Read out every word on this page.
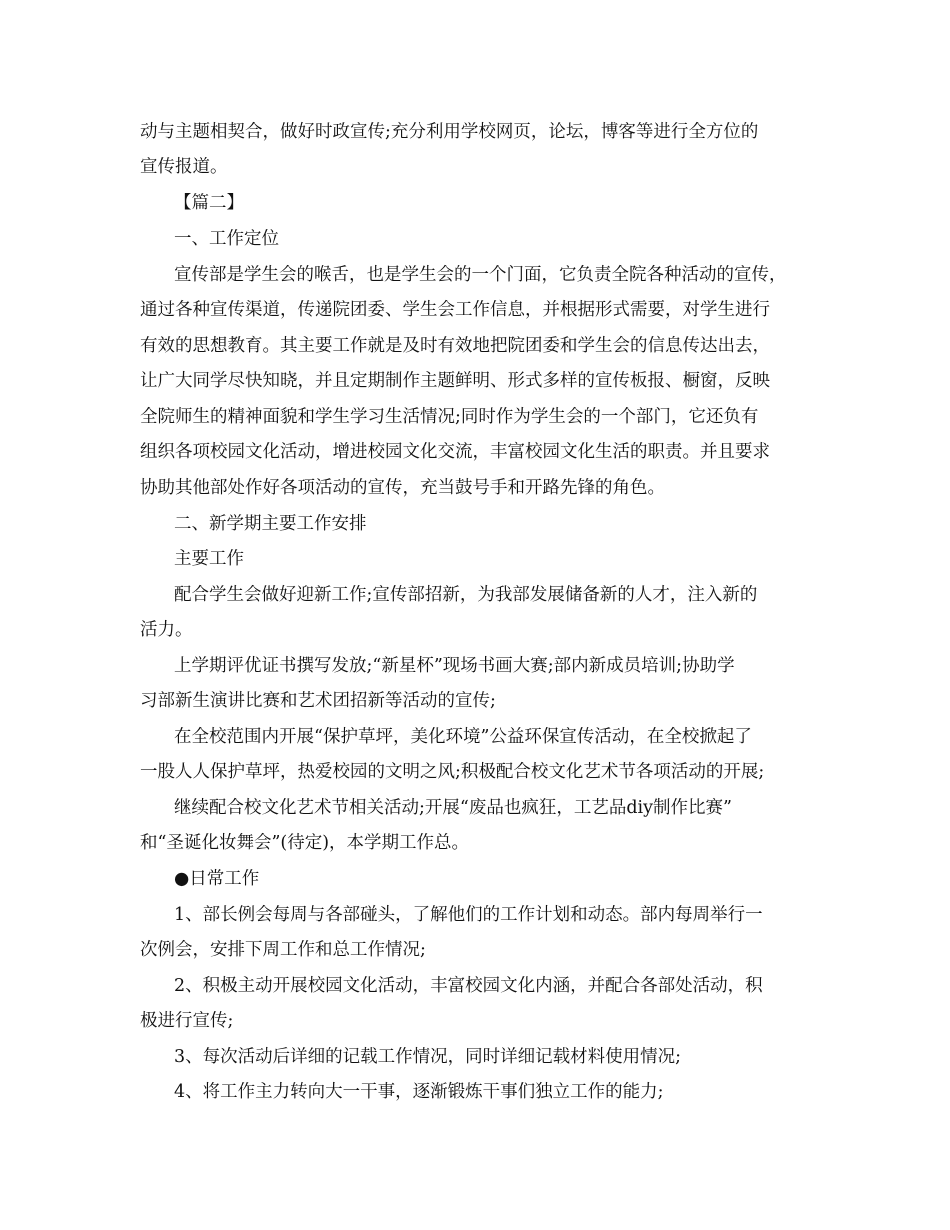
动与主题相契合，做好时政宣传;充分利用学校网页，论坛，博客等进行全方位的
宣传报道。
【篇二】
一、工作定位
宣传部是学生会的喉舌，也是学生会的一个门面，它负责全院各种活动的宣传，
通过各种宣传渠道，传递院团委、学生会工作信息，并根据形式需要，对学生进行
有效的思想教育。其主要工作就是及时有效地把院团委和学生会的信息传达出去，
让广大同学尽快知晓，并且定期制作主题鲜明、形式多样的宣传板报、橱窗，反映
全院师生的精神面貌和学生学习生活情况;同时作为学生会的一个部门，它还负有
组织各项校园文化活动，增进校园文化交流，丰富校园文化生活的职责。并且要求
协助其他部处作好各项活动的宣传，充当鼓号手和开路先锋的角色。
二、新学期主要工作安排
主要工作
配合学生会做好迎新工作;宣传部招新，为我部发展储备新的人才，注入新的
活力。
上学期评优证书撰写发放;“新星杯”现场书画大赛;部内新成员培训;协助学
习部新生演讲比赛和艺术团招新等活动的宣传;
在全校范围内开展“保护草坪，美化环境”公益环保宣传活动，在全校掀起了
一股人人保护草坪，热爱校园的文明之风;积极配合校文化艺术节各项活动的开展;
继续配合校文化艺术节相关活动;开展“废品也疯狂，工艺品diy制作比赛”
和“圣诞化妆舞会”(待定)，本学期工作总。
●日常工作
1、部长例会每周与各部碰头，了解他们的工作计划和动态。部内每周举行一
次例会，安排下周工作和总工作情况;
2、积极主动开展校园文化活动，丰富校园文化内涵，并配合各部处活动，积
极进行宣传;
3、每次活动后详细的记载工作情况，同时详细记载材料使用情况;
4、将工作主力转向大一干事，逐渐锻炼干事们独立工作的能力;
